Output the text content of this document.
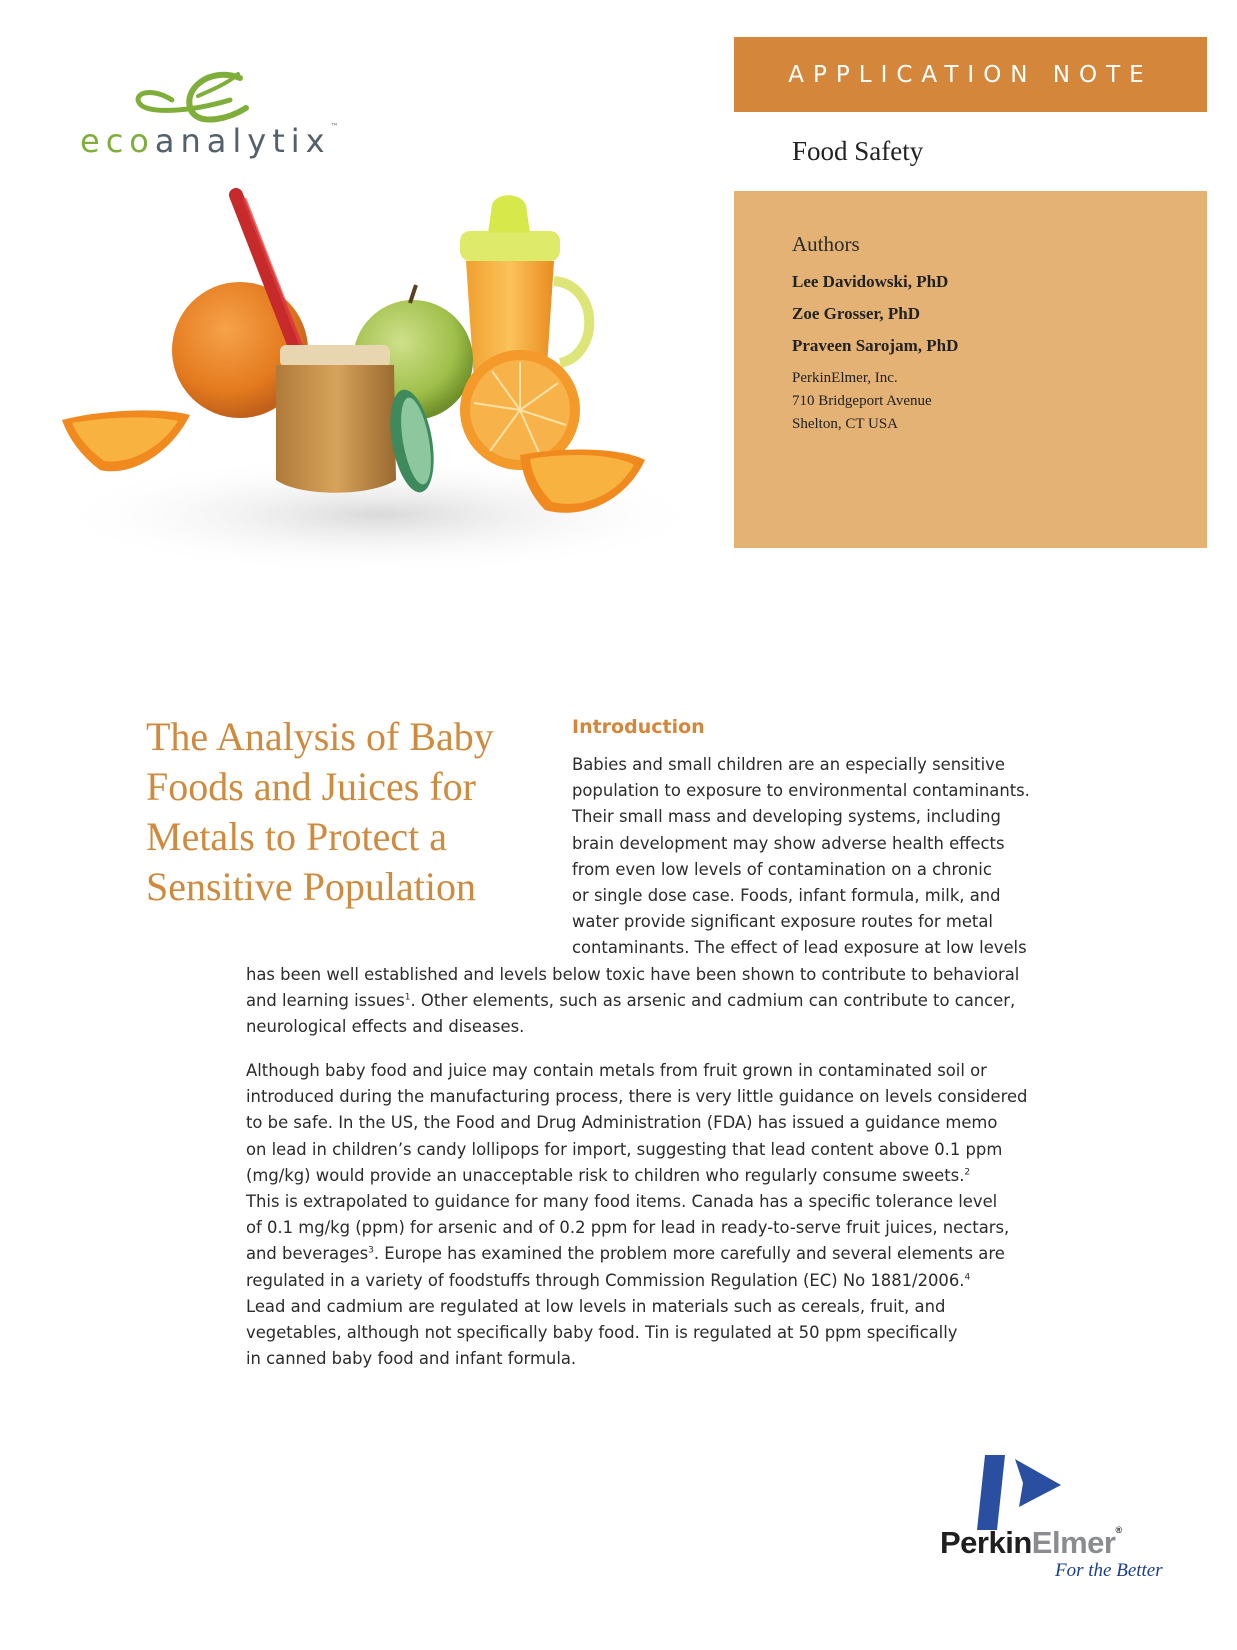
ecoanalytix™
APPLICATION NOTE
Food Safety
Authors
Lee Davidowski, PhD
Zoe Grosser, PhD
Praveen Sarojam, PhD
PerkinElmer, Inc.
710 Bridgeport Avenue
Shelton, CT USA
The Analysis of Baby
Foods and Juices for
Metals to Protect a
Sensitive Population
Introduction

Babies and small children are an especially sensitive
population to exposure to environmental contaminants.
Their small mass and developing systems, including
brain development may show adverse health effects
from even low levels of contamination on a chronic
or single dose case. Foods, infant formula, milk, and
water provide significant exposure routes for metal
contaminants. The effect of lead exposure at low levels

has been well established and levels below toxic have been shown to contribute to behavioral
and learning issues$^1$. Other elements, such as arsenic and cadmium can contribute to cancer,
neurological effects and diseases.

Although baby food and juice may contain metals from fruit grown in contaminated soil or
introduced during the manufacturing process, there is very little guidance on levels considered
to be safe. In the US, the Food and Drug Administration (FDA) has issued a guidance memo
on lead in children’s candy lollipops for import, suggesting that lead content above 0.1 ppm
(mg/kg) would provide an unacceptable risk to children who regularly consume sweets.$^2$
This is extrapolated to guidance for many food items. Canada has a specific tolerance level
of 0.1 mg/kg (ppm) for arsenic and of 0.2 ppm for lead in ready-to-serve fruit juices, nectars,
and beverages$^3$. Europe has examined the problem more carefully and several elements are
regulated in a variety of foodstuffs through Commission Regulation (EC) No 1881/2006.$^4$
Lead and cadmium are regulated at low levels in materials such as cereals, fruit, and
vegetables, although not specifically baby food. Tin is regulated at 50 ppm specifically
in canned baby food and infant formula.

PerkinElmer®
For the Better
